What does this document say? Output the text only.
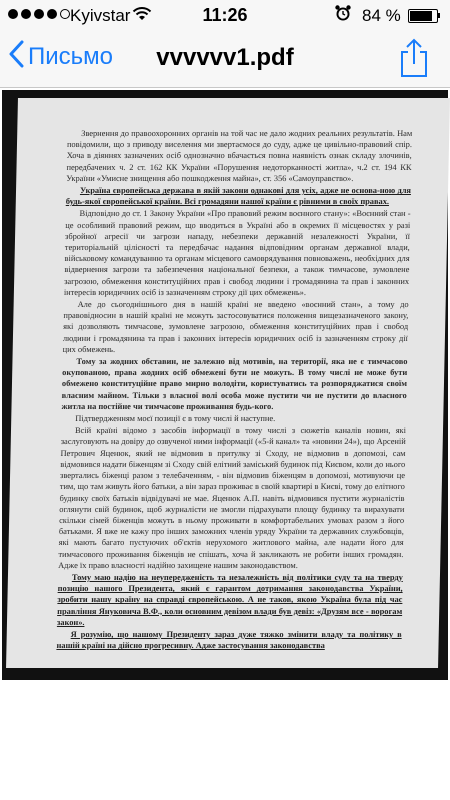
Kyivstar	11:26	84 %
Письмо	vvvvvv1.pdf

Звернення до правоохоронних органів на той час не дало жодних реальних результатів. Нам повідомили, що з приводу виселення ми звертаємося до суду, адже це цивільно-правовий спір. Хоча в діяннях зазначених осіб однозначно вбачається повна наявність ознак складу злочинів, передбачених ч. 2 ст. 162 КК України «Порушення недоторканності житла», ч.2 ст. 194 КК України «Умисне знищення або пошкодження майна», ст. 356 «Самоуправство».

Україна європейська держава в якій закони однакові для усіх, адже не основа-ною для будь-якої європейської країни. Всі громадяни нашої країни є рівними в своїх правах.

Відповідно до ст. 1 Закону України «Про правовий режим воєнного стану»: «Воєнний стан - це особливий правовий режим, що вводиться в Україні або в окремих її місцевостях у разі збройної агресії чи загрози нападу, небезпеки державній незалежності України, її територіальній цілісності та передбачає надання відповідним органам державної влади, військовому командуванню та органам місцевого самоврядування повноважень, необхідних для відвернення загрози та забезпечення національної безпеки, а також тимчасове, зумовлене загрозою, обмеження конституційних прав і свобод людини і громадянина та прав і законних інтересів юридичних осіб із зазначенням строку дії цих обмежень».

Але до сьогоднішнього дня в нашій країні не введено «воєнний стан», а тому до правовідносин в нашій країні не можуть застосовуватися положення вищезазначеного закону, які дозволяють тимчасове, зумовлене загрозою, обмеження конституційних прав і свобод людини і громадянина та прав і законних інтересів юридичних осіб із зазначенням строку дії цих обмежень.

Тому за жодних обставин, не залежно від мотивів, на території, яка не є тимчасово окупованою, права жодних осіб обмежені бути не можуть. В тому числі не може бути обмежено конституційне право мирно володіти, користуватись та розпоряджатися своїм власним майном. Тільки з власної волі особа може пустити чи не пустити до власного житла на постійне чи тимчасове проживання будь-кого.

Підтвердженням моєї позиції є в тому числі й наступне.

Всій країні відомо з засобів інформації в тому числі з сюжетів каналів новин, які заслуговують на довіру до озвученої ними інформації («5-й канал» та «новини 24»), що Арсеній Петрович Яценюк, який не відмовив в притулку зі Сходу, не відмовив в допомозі, сам відмовився надати біженцям зі Сходу свій елітний заміський будинок під Києвом, коли до нього звертались біженці разом з телебаченням, - він відмовив біженцям в допомозі, мотивуючи це тим, що там живуть його батьки, а він зараз проживає в своїй квартирі в Києві, тому до елітного будинку своїх батьків відвідувачі не мае. Яценюк А.П. навіть відмовився пустити журналістів оглянути свій будинок, щоб журналісти не змогли підрахувати площу будинку та вирахувати скільки сімей біженців можуть в ньому проживати в комфортабельних умовах разом з його батьками. Я вже не кажу про інших заможних членів уряду України та державних службовців, які мають багато пустуючих об'єктів нерухомого житлового майна, але надати його для тимчасового проживання біженців не спішать, хоча й закликають не робити інших громадян. Адже їх право власності надійно захищене нашим законодавством.

Тому маю надію на неупередженість та незалежність від політики суду та на тверду позицію нашого Президента, який є гарантом дотримання законодавства України, зробити нашу країну на справді європейською. А не таков, якою Україна була під час правління Януковича В.Ф., коли основним девізом влади був девіз: «Друзям все - ворогам закон».

Я розумію, що нашому Президенту зараз дуже тяжко змінити владу та політику в нашій країні на дійсно прогресивну. Адже застосування законодавства
